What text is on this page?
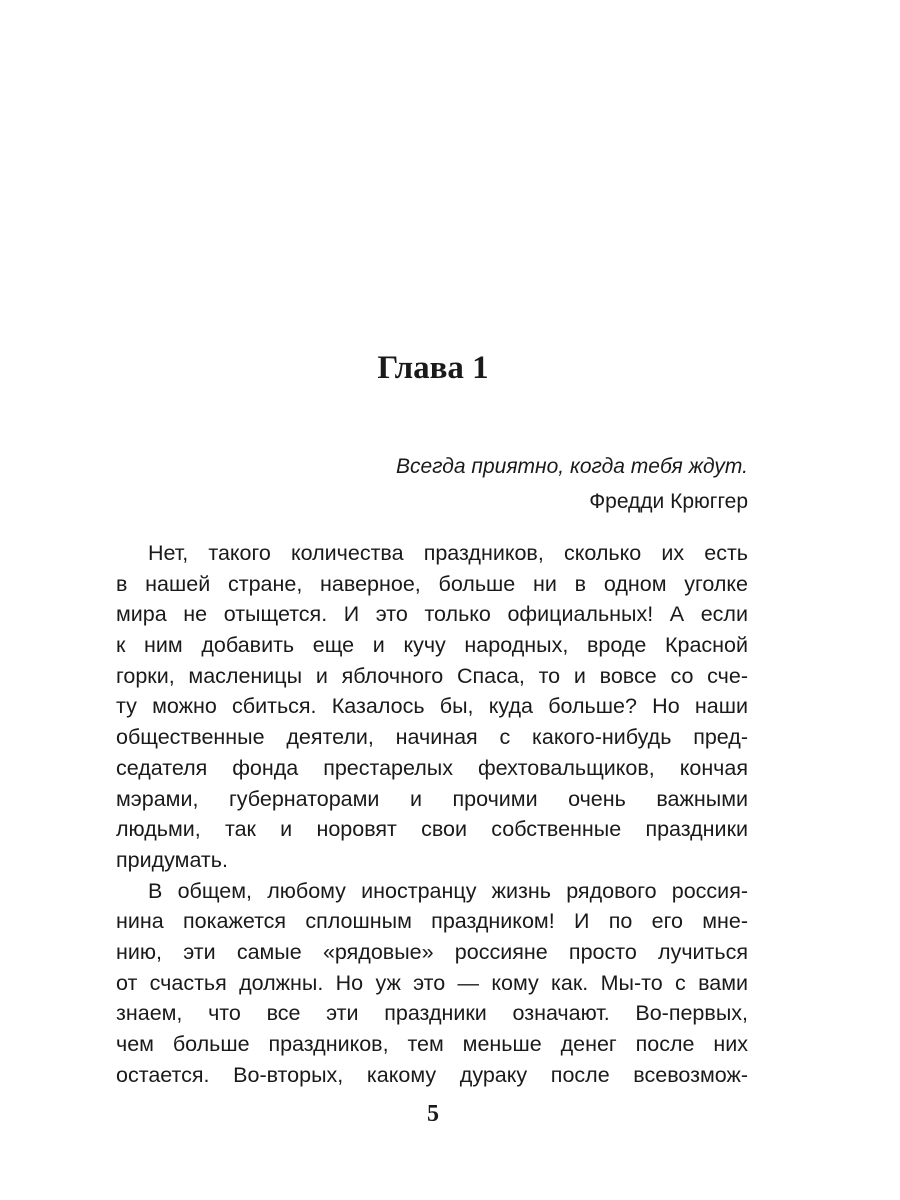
Глава 1
Всегда приятно, когда тебя ждут.
Фредди Крюггер
Нет, такого количества праздников, сколько их есть
в нашей стране, наверное, больше ни в одном уголке
мира не отыщется. И это только официальных! А если
к ним добавить еще и кучу народных, вроде Красной
горки, масленицы и яблочного Спаса, то и вовсе со сче-
ту можно сбиться. Казалось бы, куда больше? Но наши
общественные деятели, начиная с какого-нибудь пред-
седателя фонда престарелых фехтовальщиков, кончая
мэрами, губернаторами и прочими очень важными
людьми, так и норовят свои собственные праздники
придумать.
В общем, любому иностранцу жизнь рядового россия-
нина покажется сплошным праздником! И по его мне-
нию, эти самые «рядовые» россияне просто лучиться
от счастья должны. Но уж это — кому как. Мы-то с вами
знаем, что все эти праздники означают. Во-первых,
чем больше праздников, тем меньше денег после них
остается. Во-вторых, какому дураку после всевозмож-
5
